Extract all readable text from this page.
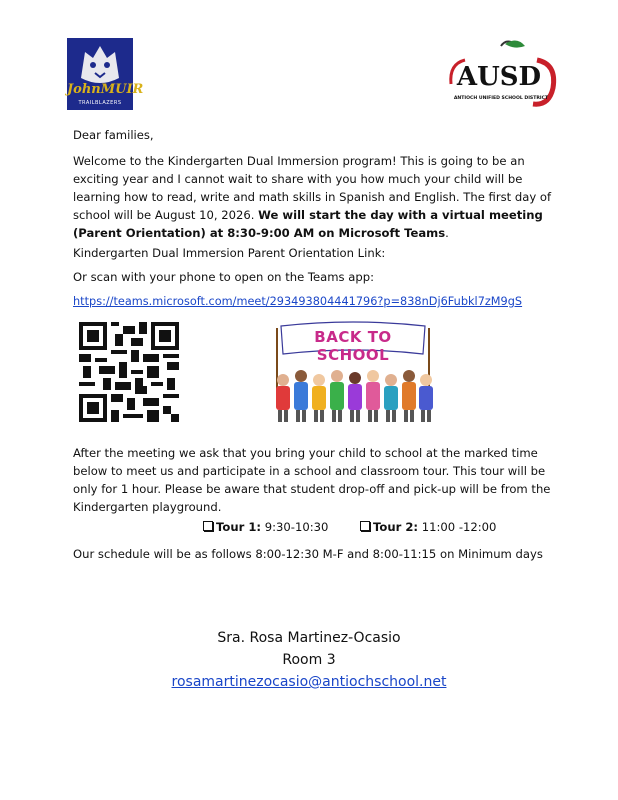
JohnMUIR
TRAILBLAZERS
AUSD
ANTIOCH UNIFIED SCHOOL DISTRICT
Dear families,
Welcome to the Kindergarten Dual Immersion program! This is going to be an exciting year and I cannot wait to share with you how much your child will be learning how to read, write and math skills in Spanish and English. The first day of school will be August 10, 2026. We will start the day with a virtual meeting (Parent Orientation) at 8:30-9:00 AM on Microsoft Teams.
Kindergarten Dual Immersion Parent Orientation Link:
Or scan with your phone to open on the Teams app:
https://teams.microsoft.com/meet/293493804441796?p=838nDj6Fubkl7zM9gS
BACK TO SCHOOL
After the meeting we ask that you bring your child to school at the marked time below to meet us and participate in a school and classroom tour. This tour will be only for 1 hour. Please be aware that student drop-off and pick-up will be from the Kindergarten playground.
Tour 1: 9:30-10:30	Tour 2: 11:00 -12:00
Our schedule will be as follows 8:00-12:30 M-F and 8:00-11:15 on Minimum days
Sra. Rosa Martinez-Ocasio
Room 3
rosamartinezocasio@antiochschool.net
